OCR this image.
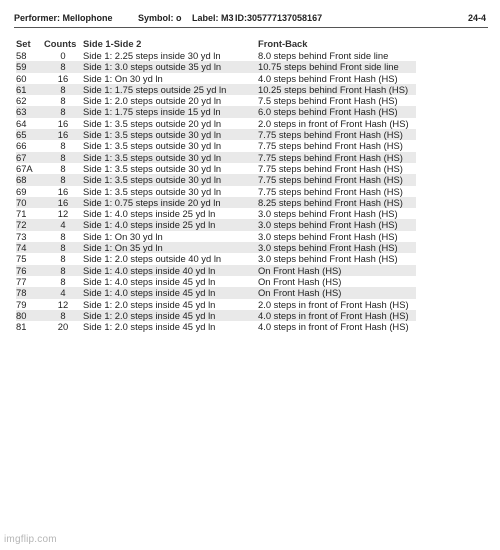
Performer: Mellophone	Symbol: o Label: M3 ID:305777137058167	24-4
Set	Counts Side 1-Side 2	Front-Back
58	0	Side 1: 2.25 steps inside 30 yd ln	8.0 steps behind Front side line
59	8	Side 1: 3.0 steps outside 35 yd ln	10.75 steps behind Front side line
60	16	Side 1: On 30 yd ln	4.0 steps behind Front Hash (HS)
61	8	Side 1: 1.75 steps outside 25 yd ln	10.25 steps behind Front Hash (HS)
62	8	Side 1: 2.0 steps outside 20 yd ln	7.5 steps behind Front Hash (HS)
63	8	Side 1: 1.75 steps inside 15 yd ln	6.0 steps behind Front Hash (HS)
64	16	Side 1: 3.5 steps outside 20 yd ln	2.0 steps in front of Front Hash (HS)
65	16	Side 1: 3.5 steps outside 30 yd ln	7.75 steps behind Front Hash (HS)
66	8	Side 1: 3.5 steps outside 30 yd ln	7.75 steps behind Front Hash (HS)
67	8	Side 1: 3.5 steps outside 30 yd ln	7.75 steps behind Front Hash (HS)
67A	8	Side 1: 3.5 steps outside 30 yd ln	7.75 steps behind Front Hash (HS)
68	8	Side 1: 3.5 steps outside 30 yd ln	7.75 steps behind Front Hash (HS)
69	16	Side 1: 3.5 steps outside 30 yd ln	7.75 steps behind Front Hash (HS)
70	16	Side 1: 0.75 steps inside 20 yd ln	8.25 steps behind Front Hash (HS)
71	12	Side 1: 4.0 steps inside 25 yd ln	3.0 steps behind Front Hash (HS)
72	4	Side 1: 4.0 steps inside 25 yd ln	3.0 steps behind Front Hash (HS)
73	8	Side 1: On 30 yd ln	3.0 steps behind Front Hash (HS)
74	8	Side 1: On 35 yd ln	3.0 steps behind Front Hash (HS)
75	8	Side 1: 2.0 steps outside 40 yd ln	3.0 steps behind Front Hash (HS)
76	8	Side 1: 4.0 steps inside 40 yd ln	On Front Hash (HS)
77	8	Side 1: 4.0 steps inside 45 yd ln	On Front Hash (HS)
78	4	Side 1: 4.0 steps inside 45 yd ln	On Front Hash (HS)
79	12	Side 1: 2.0 steps inside 45 yd ln	2.0 steps in front of Front Hash (HS)
80	8	Side 1: 2.0 steps inside 45 yd ln	4.0 steps in front of Front Hash (HS)
81	20	Side 1: 2.0 steps inside 45 yd ln	4.0 steps in front of Front Hash (HS)
imgflip.com
